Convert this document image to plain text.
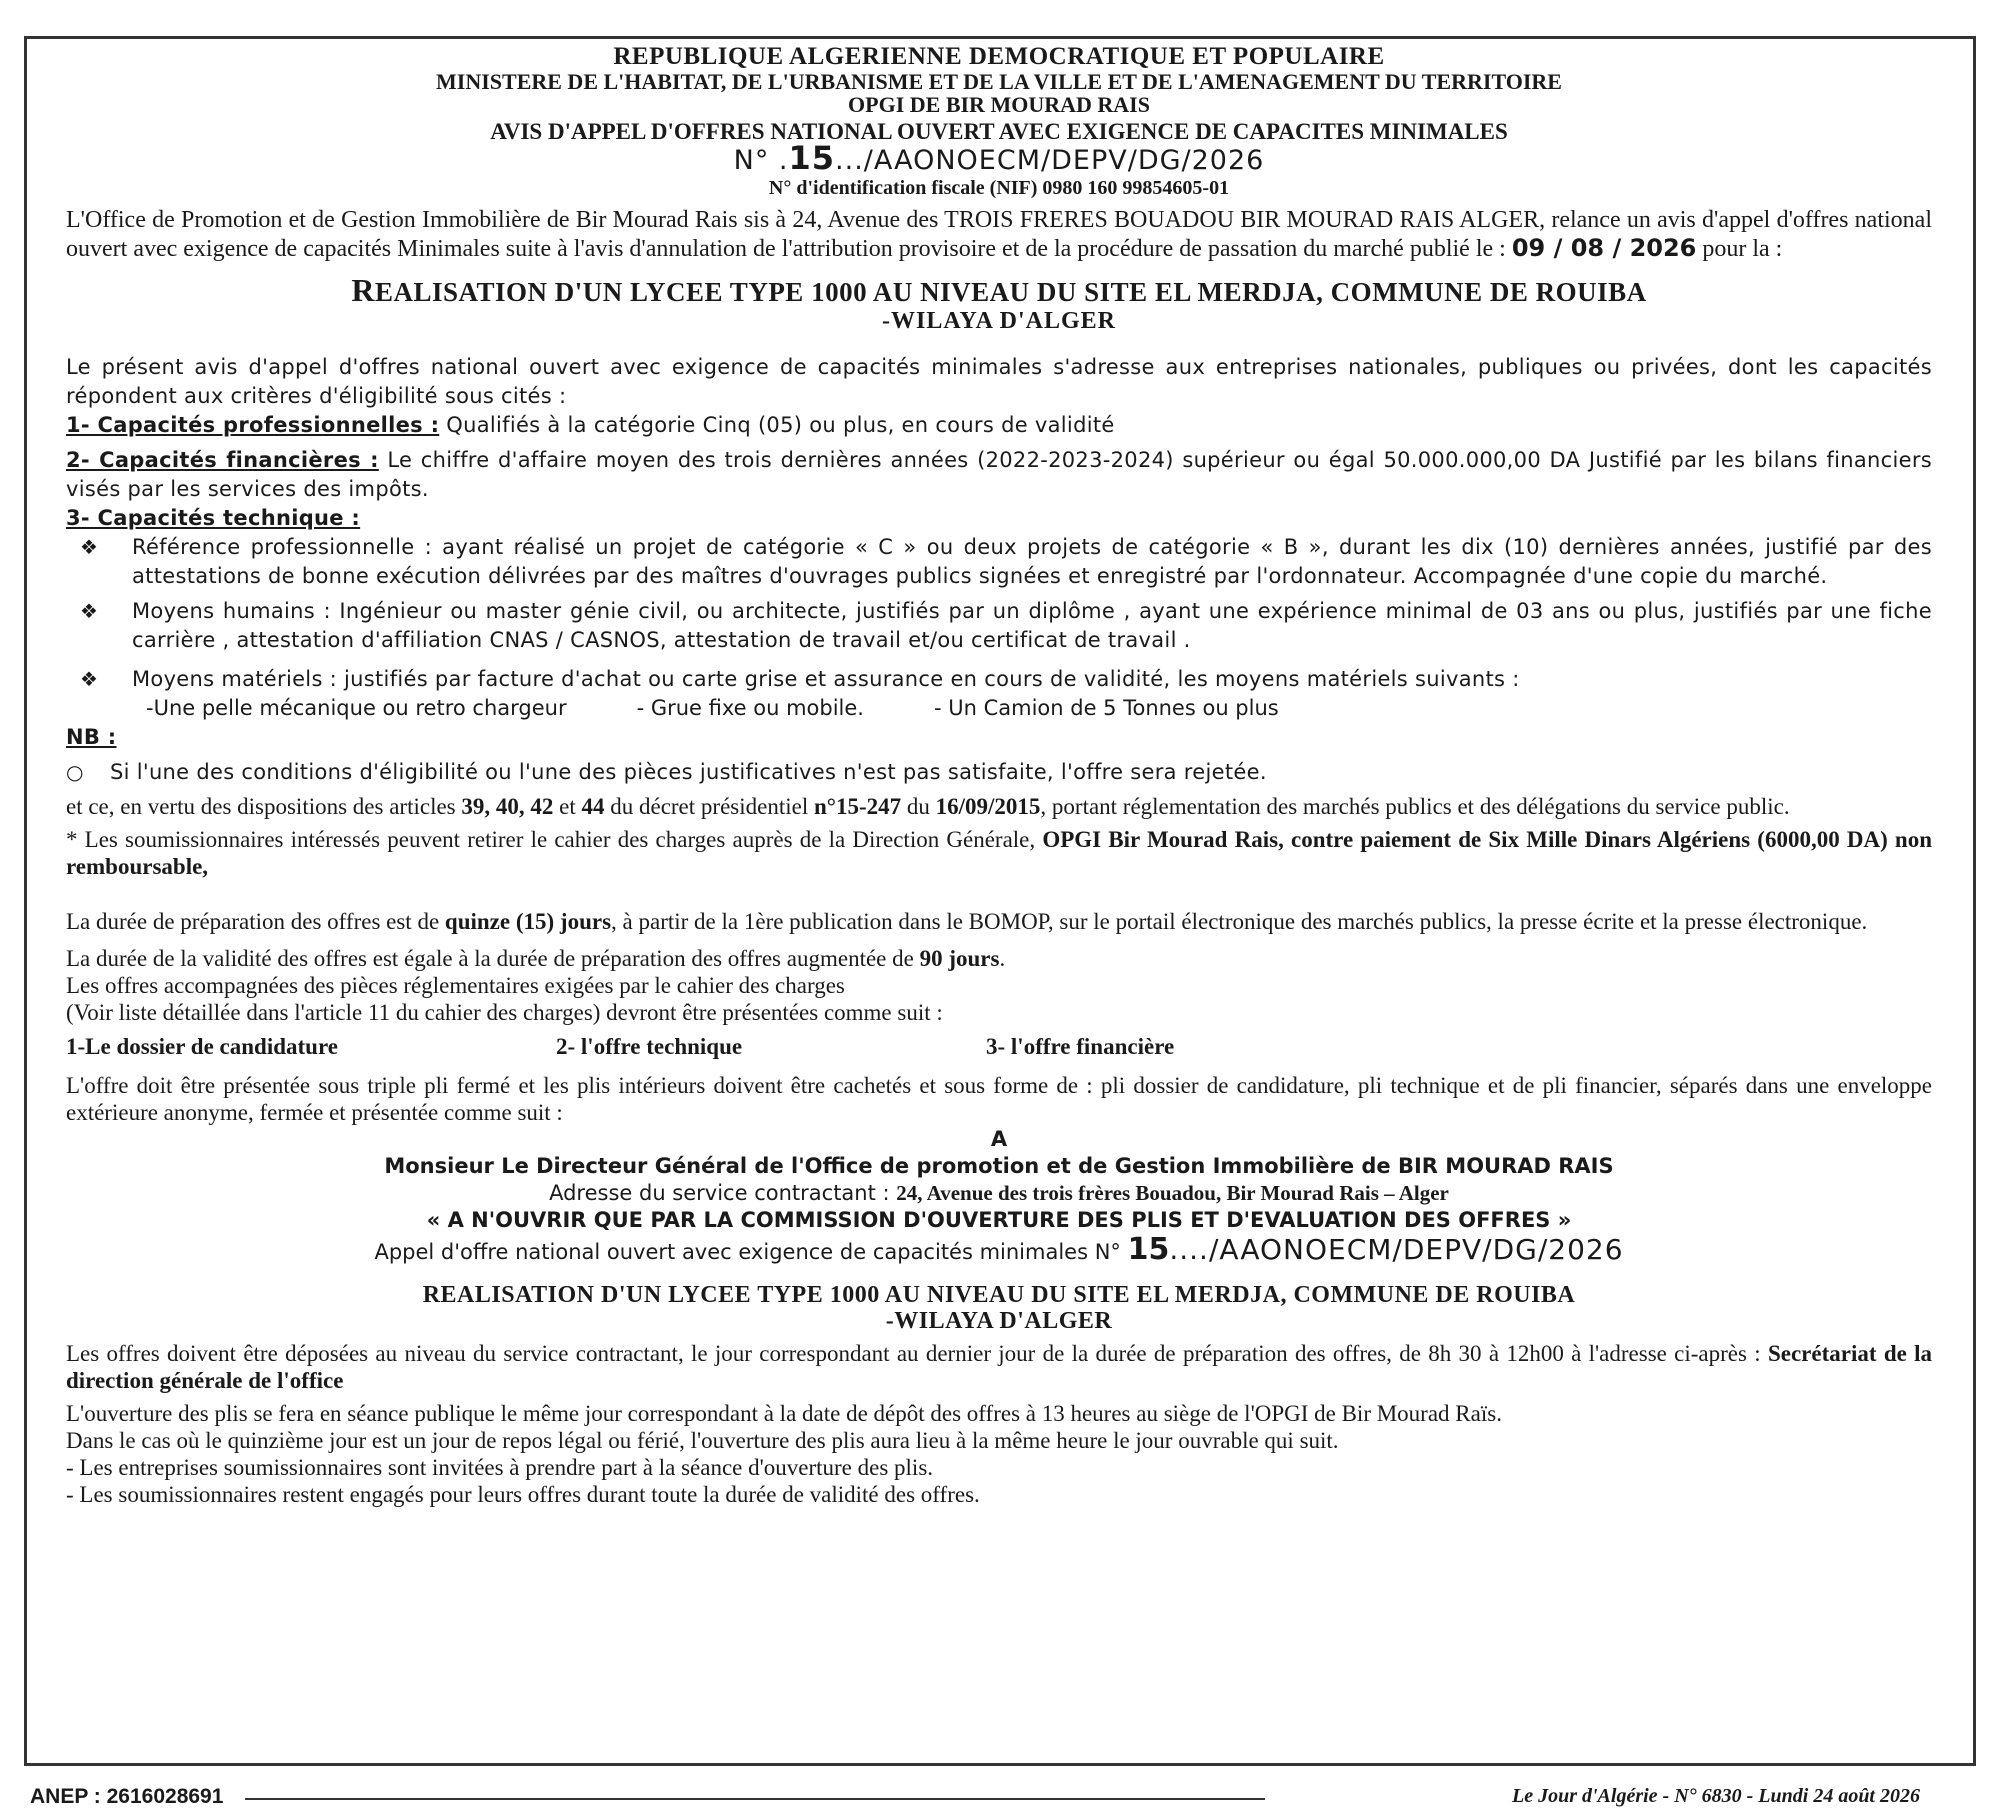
REPUBLIQUE ALGERIENNE DEMOCRATIQUE ET POPULAIRE
MINISTERE DE L'HABITAT, DE L'URBANISME ET DE LA VILLE ET DE L'AMENAGEMENT DU TERRITOIRE
OPGI DE BIR MOURAD RAIS
AVIS D'APPEL D'OFFRES NATIONAL OUVERT AVEC EXIGENCE DE CAPACITES MINIMALES
N° .15.../AAONOECM/DEPV/DG/2026
N° d'identification fiscale (NIF) 0980 160 99854605-01

L'Office de Promotion et de Gestion Immobilière de Bir Mourad Rais sis à 24, Avenue des TROIS FRERES BOUADOU BIR MOURAD RAIS ALGER, relance un avis d'appel d'offres national ouvert avec exigence de capacités Minimales suite à l'avis d'annulation de l'attribution provisoire et de la procédure de passation du marché publié le : 09 / 08 / 2026 pour la :

REALISATION D'UN LYCEE TYPE 1000 AU NIVEAU DU SITE EL MERDJA, COMMUNE DE ROUIBA
-WILAYA D'ALGER

Le présent avis d'appel d'offres national ouvert avec exigence de capacités minimales s'adresse aux entreprises nationales, publiques ou privées, dont les capacités répondent aux critères d'éligibilité sous cités :

1- Capacités professionnelles : Qualifiés à la catégorie Cinq (05) ou plus, en cours de validité

2- Capacités financières : Le chiffre d'affaire moyen des trois dernières années (2022-2023-2024) supérieur ou égal 50.000.000,00 DA Justifié par les bilans financiers visés par les services des impôts.

3- Capacités technique :

❖	Référence professionnelle : ayant réalisé un projet de catégorie « C » ou deux projets de catégorie « B », durant les dix (10) dernières années, justifié par des attestations de bonne exécution délivrées par des maîtres d'ouvrages publics signées et enregistré par l'ordonnateur. Accompagnée d'une copie du marché.
❖	Moyens humains : Ingénieur ou master génie civil, ou architecte, justifiés par un diplôme , ayant une expérience minimal de 03 ans ou plus, justifiés par une fiche carrière , attestation d'affiliation CNAS / CASNOS, attestation de travail et/ou certificat de travail .
❖	Moyens matériels : justifiés par facture d'achat ou carte grise et assurance en cours de validité, les moyens matériels suivants :
-Une pelle mécanique ou retro chargeur	- Grue fixe ou mobile.	- Un Camion de 5 Tonnes ou plus

NB :

○	Si l'une des conditions d'éligibilité ou l'une des pièces justificatives n'est pas satisfaite, l'offre sera rejetée.

et ce, en vertu des dispositions des articles 39, 40, 42 et 44 du décret présidentiel n°15-247 du 16/09/2015, portant réglementation des marchés publics et des délégations du service public.

* Les soumissionnaires intéressés peuvent retirer le cahier des charges auprès de la Direction Générale, OPGI Bir Mourad Rais, contre paiement de Six Mille Dinars Algériens (6000,00 DA) non remboursable,

La durée de préparation des offres est de quinze (15) jours, à partir de la 1ère publication dans le BOMOP, sur le portail électronique des marchés publics, la presse écrite et la presse électronique.

La durée de la validité des offres est égale à la durée de préparation des offres augmentée de 90 jours.

Les offres accompagnées des pièces réglementaires exigées par le cahier des charges

(Voir liste détaillée dans l'article 11 du cahier des charges) devront être présentées comme suit :

1-Le dossier de candidature	2- l'offre technique	3- l'offre financière

L'offre doit être présentée sous triple pli fermé et les plis intérieurs doivent être cachetés et sous forme de : pli dossier de candidature, pli technique et de pli financier, séparés dans une enveloppe extérieure anonyme, fermée et présentée comme suit :

A
Monsieur Le Directeur Général de l'Office de promotion et de Gestion Immobilière de BIR MOURAD RAIS
Adresse du service contractant : 24, Avenue des trois frères Bouadou, Bir Mourad Rais – Alger
« A N'OUVRIR QUE PAR LA COMMISSION D'OUVERTURE DES PLIS ET D'EVALUATION DES OFFRES »
Appel d'offre national ouvert avec exigence de capacités minimales N° 15..../AAONOECM/DEPV/DG/2026
REALISATION D'UN LYCEE TYPE 1000 AU NIVEAU DU SITE EL MERDJA, COMMUNE DE ROUIBA
-WILAYA D'ALGER

Les offres doivent être déposées au niveau du service contractant, le jour correspondant au dernier jour de la durée de préparation des offres, de 8h 30 à 12h00 à l'adresse ci-après : Secrétariat de la direction générale de l'office

L'ouverture des plis se fera en séance publique le même jour correspondant à la date de dépôt des offres à 13 heures au siège de l'OPGI de Bir Mourad Raïs.

Dans le cas où le quinzième jour est un jour de repos légal ou férié, l'ouverture des plis aura lieu à la même heure le jour ouvrable qui suit.

- Les entreprises soumissionnaires sont invitées à prendre part à la séance d'ouverture des plis.

- Les soumissionnaires restent engagés pour leurs offres durant toute la durée de validité des offres.

ANEP : 2616028691	Le Jour d'Algérie - N° 6830 - Lundi 24 août 2026
